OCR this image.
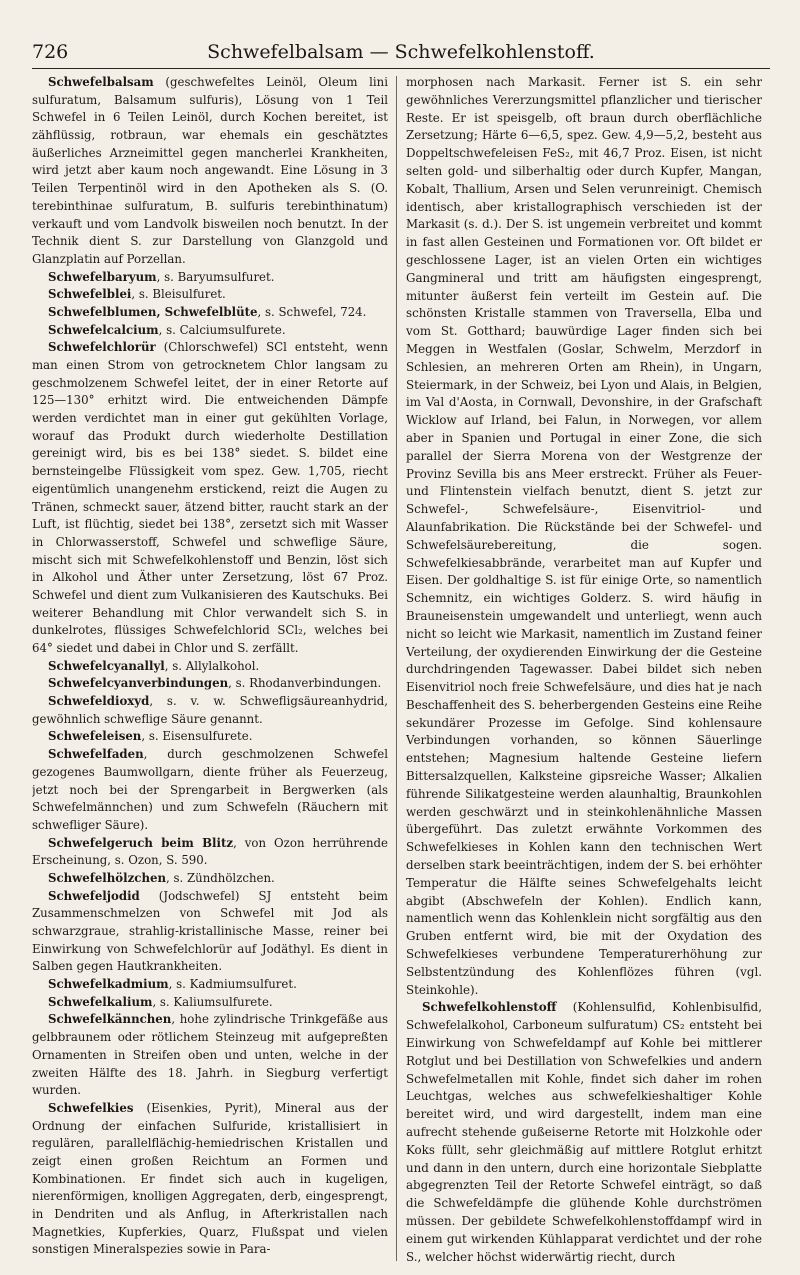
726	Schwefelbalsam — Schwefelkohlenstoff.

Schwefelbalsam (geschwefeltes Leinöl, Oleum lini sulfuratum, Balsamum sulfuris), Lösung von 1 Teil Schwefel in 6 Teilen Leinöl, durch Kochen bereitet, ist zähflüssig, rotbraun, war ehemals ein geschätztes äußerliches Arzneimittel gegen mancherlei Krankheiten, wird jetzt aber kaum noch angewandt. Eine Lösung in 3 Teilen Terpentinöl wird in den Apotheken als S. (O. terebinthinae sulfuratum, B. sulfuris terebinthinatum) verkauft und vom Landvolk bisweilen noch benutzt. In der Technik dient S. zur Darstellung von Glanzgold und Glanzplatin auf Porzellan.

Schwefelbaryum, s. Baryumsulfuret.

Schwefelblei, s. Bleisulfuret.

Schwefelblumen, Schwefelblüte, s. Schwefel, 724.

Schwefelcalcium, s. Calciumsulfurete.

Schwefelchlorür (Chlorschwefel) SCl entsteht, wenn man einen Strom von getrocknetem Chlor langsam zu geschmolzenem Schwefel leitet, der in einer Retorte auf 125—130° erhitzt wird. Die entweichenden Dämpfe werden verdichtet man in einer gut gekühlten Vorlage, worauf das Produkt durch wiederholte Destillation gereinigt wird, bis es bei 138° siedet. S. bildet eine bernsteingelbe Flüssigkeit vom spez. Gew. 1,705, riecht eigentümlich unangenehm erstickend, reizt die Augen zu Tränen, schmeckt sauer, ätzend bitter, raucht stark an der Luft, ist flüchtig, siedet bei 138°, zersetzt sich mit Wasser in Chlorwasserstoff, Schwefel und schweflige Säure, mischt sich mit Schwefelkohlenstoff und Benzin, löst sich in Alkohol und Äther unter Zersetzung, löst 67 Proz. Schwefel und dient zum Vulkanisieren des Kautschuks. Bei weiterer Behandlung mit Chlor verwandelt sich S. in dunkelrotes, flüssiges Schwefelchlorid SCl₂, welches bei 64° siedet und dabei in Chlor und S. zerfällt.

Schwefelcyanallyl, s. Allylalkohol.

Schwefelcyanverbindungen, s. Rhodanverbindungen.

Schwefeldioxyd, s. v. w. Schwefligsäureanhydrid, gewöhnlich schweflige Säure genannt.

Schwefeleisen, s. Eisensulfurete.

Schwefelfaden, durch geschmolzenen Schwefel gezogenes Baumwollgarn, diente früher als Feuerzeug, jetzt noch bei der Sprengarbeit in Bergwerken (als Schwefelmännchen) und zum Schwefeln (Räuchern mit schwefliger Säure).

Schwefelgeruch beim Blitz, von Ozon herrührende Erscheinung, s. Ozon, S. 590.

Schwefelhölzchen, s. Zündhölzchen.

Schwefeljodid (Jodschwefel) SJ entsteht beim Zusammenschmelzen von Schwefel mit Jod als schwarzgraue, strahlig-kristallinische Masse, reiner bei Einwirkung von Schwefelchlorür auf Jodäthyl. Es dient in Salben gegen Hautkrankheiten.

Schwefelkadmium, s. Kadmiumsulfuret.

Schwefelkalium, s. Kaliumsulfurete.

Schwefelkännchen, hohe zylindrische Trinkgefäße aus gelbbraunem oder rötlichem Steinzeug mit aufgepreßten Ornamenten in Streifen oben und unten, welche in der zweiten Hälfte des 18. Jahrh. in Siegburg verfertigt wurden.

Schwefelkies (Eisenkies, Pyrit), Mineral aus der Ordnung der einfachen Sulfuride, kristallisiert in regulären, parallelflächig-hemiedrischen Kristallen und zeigt einen großen Reichtum an Formen und Kombinationen. Er findet sich auch in kugeligen, nierenförmigen, knolligen Aggregaten, derb, eingesprengt, in Dendriten und als Anflug, in Afterkristallen nach Magnetkies, Kupferkies, Quarz, Flußspat und vielen sonstigen Mineralspezies sowie in Para-

morphosen nach Markasit. Ferner ist S. ein sehr gewöhnliches Vererzungsmittel pflanzlicher und tierischer Reste. Er ist speisgelb, oft braun durch oberflächliche Zersetzung; Härte 6—6,5, spez. Gew. 4,9—5,2, besteht aus Doppeltschwefeleisen FeS₂, mit 46,7 Proz. Eisen, ist nicht selten gold- und silberhaltig oder durch Kupfer, Mangan, Kobalt, Thallium, Arsen und Selen verunreinigt. Chemisch identisch, aber kristallographisch verschieden ist der Markasit (s. d.). Der S. ist ungemein verbreitet und kommt in fast allen Gesteinen und Formationen vor. Oft bildet er geschlossene Lager, ist an vielen Orten ein wichtiges Gangmineral und tritt am häufigsten eingesprengt, mitunter äußerst fein verteilt im Gestein auf. Die schönsten Kristalle stammen von Traversella, Elba und vom St. Gotthard; bauwürdige Lager finden sich bei Meggen in Westfalen (Goslar, Schwelm, Merzdorf in Schlesien, an mehreren Orten am Rhein), in Ungarn, Steiermark, in der Schweiz, bei Lyon und Alais, in Belgien, im Val d'Aosta, in Cornwall, Devonshire, in der Grafschaft Wicklow auf Irland, bei Falun, in Norwegen, vor allem aber in Spanien und Portugal in einer Zone, die sich parallel der Sierra Morena von der Westgrenze der Provinz Sevilla bis ans Meer erstreckt. Früher als Feuer- und Flintenstein vielfach benutzt, dient S. jetzt zur Schwefel-, Schwefelsäure-, Eisenvitriol- und Alaunfabrikation. Die Rückstände bei der Schwefel- und Schwefelsäurebereitung, die sogen. Schwefelkiesabbrände, verarbeitet man auf Kupfer und Eisen. Der goldhaltige S. ist für einige Orte, so namentlich Schemnitz, ein wichtiges Golderz. S. wird häufig in Brauneisenstein umgewandelt und unterliegt, wenn auch nicht so leicht wie Markasit, namentlich im Zustand feiner Verteilung, der oxydierenden Einwirkung der die Gesteine durchdringenden Tagewasser. Dabei bildet sich neben Eisenvitriol noch freie Schwefelsäure, und dies hat je nach Beschaffenheit des S. beherbergenden Gesteins eine Reihe sekundärer Prozesse im Gefolge. Sind kohlensaure Verbindungen vorhanden, so können Säuerlinge entstehen; Magnesium haltende Gesteine liefern Bittersalzquellen, Kalksteine gipsreiche Wasser; Alkalien führende Silikatgesteine werden alaunhaltig, Braunkohlen werden geschwärzt und in steinkohlenähnliche Massen übergeführt. Das zuletzt erwähnte Vorkommen des Schwefelkieses in Kohlen kann den technischen Wert derselben stark beeinträchtigen, indem der S. bei erhöhter Temperatur die Hälfte seines Schwefelgehalts leicht abgibt (Abschwefeln der Kohlen). Endlich kann, namentlich wenn das Kohlenklein nicht sorgfältig aus den Gruben entfernt wird, bie mit der Oxydation des Schwefelkieses verbundene Temperaturerhöhung zur Selbstentzündung des Kohlenflözes führen (vgl. Steinkohle).

Schwefelkohlenstoff (Kohlensulfid, Kohlenbisulfid, Schwefelalkohol, Carboneum sulfuratum) CS₂ entsteht bei Einwirkung von Schwefeldampf auf Kohle bei mittlerer Rotglut und bei Destillation von Schwefelkies und andern Schwefelmetallen mit Kohle, findet sich daher im rohen Leuchtgas, welches aus schwefelkieshaltiger Kohle bereitet wird, und wird dargestellt, indem man eine aufrecht stehende gußeiserne Retorte mit Holzkohle oder Koks füllt, sehr gleichmäßig auf mittlere Rotglut erhitzt und dann in den untern, durch eine horizontale Siebplatte abgegrenzten Teil der Retorte Schwefel einträgt, so daß die Schwefeldämpfe die glühende Kohle durchströmen müssen. Der gebildete Schwefelkohlenstoffdampf wird in einem gut wirkenden Kühlapparat verdichtet und der rohe S., welcher höchst widerwärtig riecht, durch
